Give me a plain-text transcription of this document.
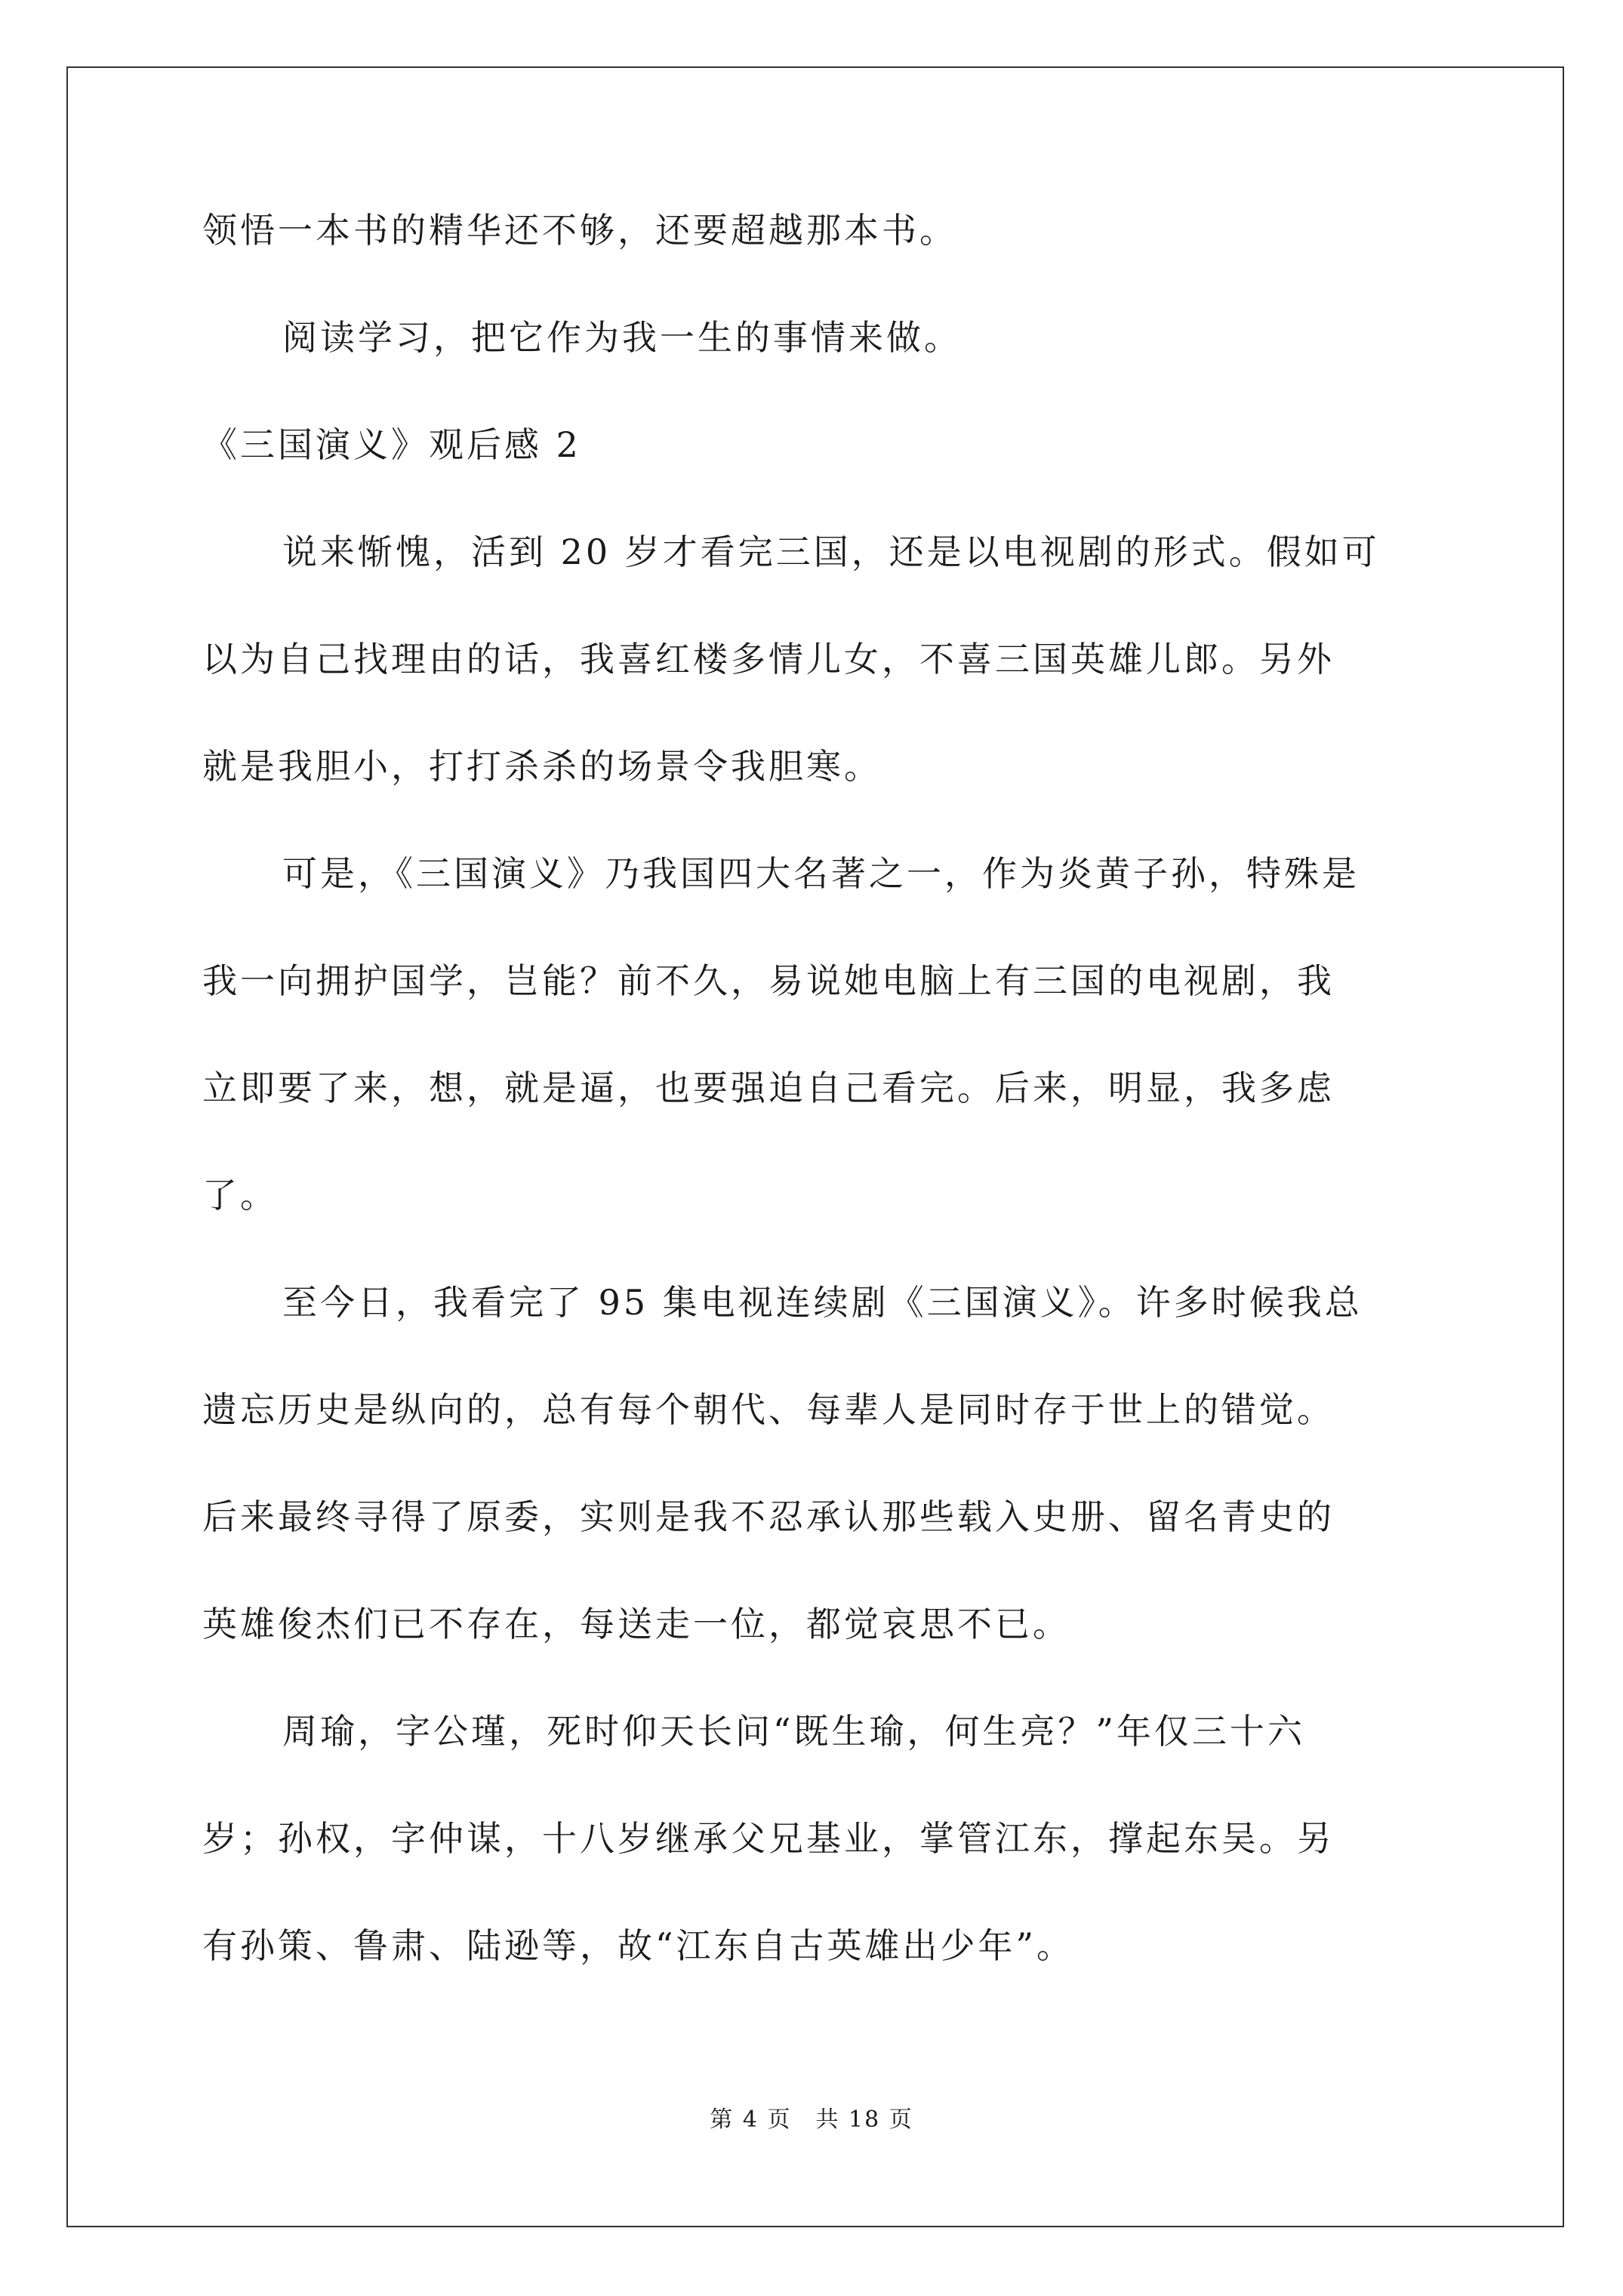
领悟一本书的精华还不够，还要超越那本书。
阅读学习，把它作为我一生的事情来做。
《三国演义》观后感 2
说来惭愧，活到 20 岁才看完三国，还是以电视剧的形式。假如可
以为自己找理由的话，我喜红楼多情儿女，不喜三国英雄儿郎。另外
就是我胆小，打打杀杀的场景令我胆寒。
可是，《三国演义》乃我国四大名著之一，作为炎黄子孙，特殊是
我一向拥护国学，岂能？前不久，易说她电脑上有三国的电视剧，我
立即要了来，想，就是逼，也要强迫自己看完。后来，明显，我多虑
了。
至今日，我看完了 95 集电视连续剧《三国演义》。许多时候我总
遗忘历史是纵向的，总有每个朝代、每辈人是同时存于世上的错觉。
后来最终寻得了原委，实则是我不忍承认那些载入史册、留名青史的
英雄俊杰们已不存在，每送走一位，都觉哀思不已。
周瑜，字公瑾，死时仰天长问“既生瑜，何生亮？”年仅三十六
岁；孙权，字仲谋，十八岁继承父兄基业，掌管江东，撑起东吴。另
有孙策、鲁肃、陆逊等，故“江东自古英雄出少年”。
第 4 页　共 18 页
